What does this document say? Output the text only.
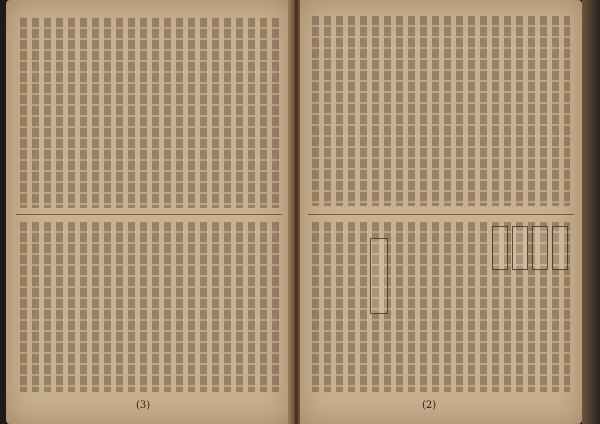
(3)	(2)
